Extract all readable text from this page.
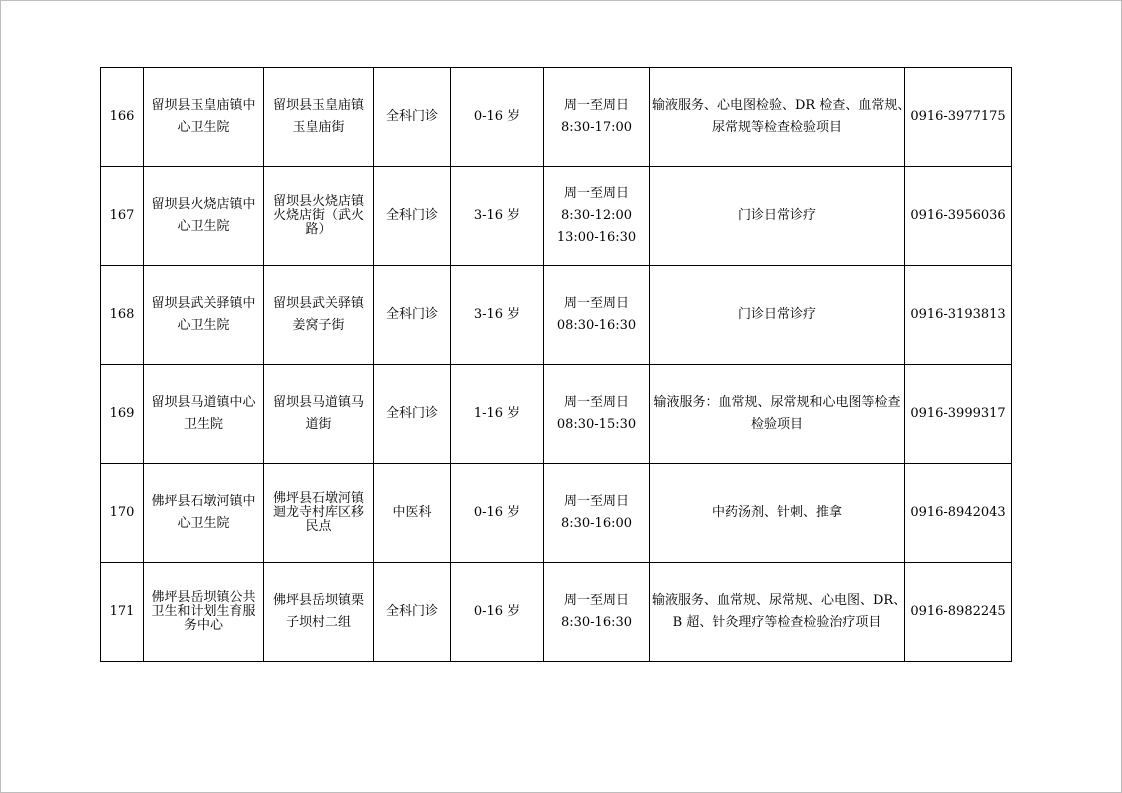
166	留坝县玉皇庙镇中
心卫生院	留坝县玉皇庙镇
玉皇庙街	全科门诊	0-16 岁	周一至周日
8:30-17:00	输液服务、心电图检验、DR 检查、血常规、
尿常规等检查检验项目	0916-3977175
167	留坝县火烧店镇中
心卫生院	留坝县火烧店镇
火烧店街（武火
路）	全科门诊	3-16 岁	周一至周日
8:30-12:00
13:00-16:30	门诊日常诊疗	0916-3956036
168	留坝县武关驿镇中
心卫生院	留坝县武关驿镇
姜窝子街	全科门诊	3-16 岁	周一至周日
08:30-16:30	门诊日常诊疗	0916-3193813
169	留坝县马道镇中心
卫生院	留坝县马道镇马
道街	全科门诊	1-16 岁	周一至周日
08:30-15:30	输液服务：血常规、尿常规和心电图等检查
检验项目	0916-3999317
170	佛坪县石墩河镇中
心卫生院	佛坪县石墩河镇
迴龙寺村库区移
民点	中医科	0-16 岁	周一至周日
8:30-16:00	中药汤剂、针刺、推拿	0916-8942043
171	佛坪县岳坝镇公共
卫生和计划生育服
务中心	佛坪县岳坝镇栗
子坝村二组	全科门诊	0-16 岁	周一至周日
8:30-16:30	输液服务、血常规、尿常规、心电图、DR、
B 超、针灸理疗等检查检验治疗项目	0916-8982245
